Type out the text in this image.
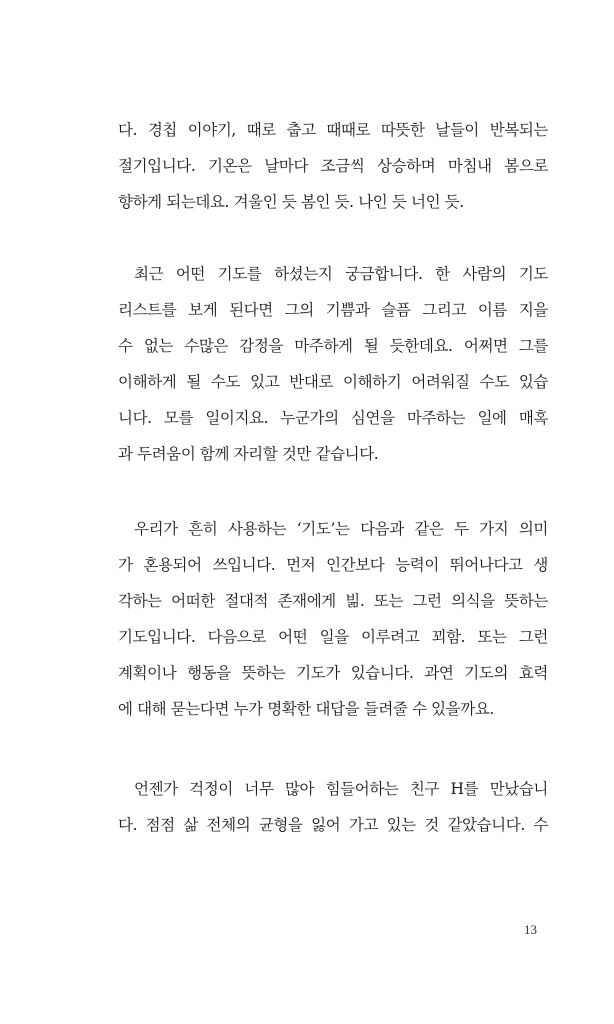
다. 경칩 이야기, 때로 춥고 때때로 따뜻한 날들이 반복되는
절기입니다. 기온은 날마다 조금씩 상승하며 마침내 봄으로
향하게 되는데요. 겨울인 듯 봄인 듯. 나인 듯 너인 듯.
최근 어떤 기도를 하셨는지 궁금합니다. 한 사람의 기도
리스트를 보게 된다면 그의 기쁨과 슬픔 그리고 이름 지을
수 없는 수많은 감정을 마주하게 될 듯한데요. 어쩌면 그를
이해하게 될 수도 있고 반대로 이해하기 어려워질 수도 있습
니다. 모를 일이지요. 누군가의 심연을 마주하는 일에 매혹
과 두려움이 함께 자리할 것만 같습니다.
우리가 흔히 사용하는 ‘기도’는 다음과 같은 두 가지 의미
가 혼용되어 쓰입니다. 먼저 인간보다 능력이 뛰어나다고 생
각하는 어떠한 절대적 존재에게 빎. 또는 그런 의식을 뜻하는
기도입니다. 다음으로 어떤 일을 이루려고 꾀함. 또는 그런
계획이나 행동을 뜻하는 기도가 있습니다. 과연 기도의 효력
에 대해 묻는다면 누가 명확한 대답을 들려줄 수 있을까요.
언젠가 걱정이 너무 많아 힘들어하는 친구 H를 만났습니
다. 점점 삶 전체의 균형을 잃어 가고 있는 것 같았습니다. 수
13
